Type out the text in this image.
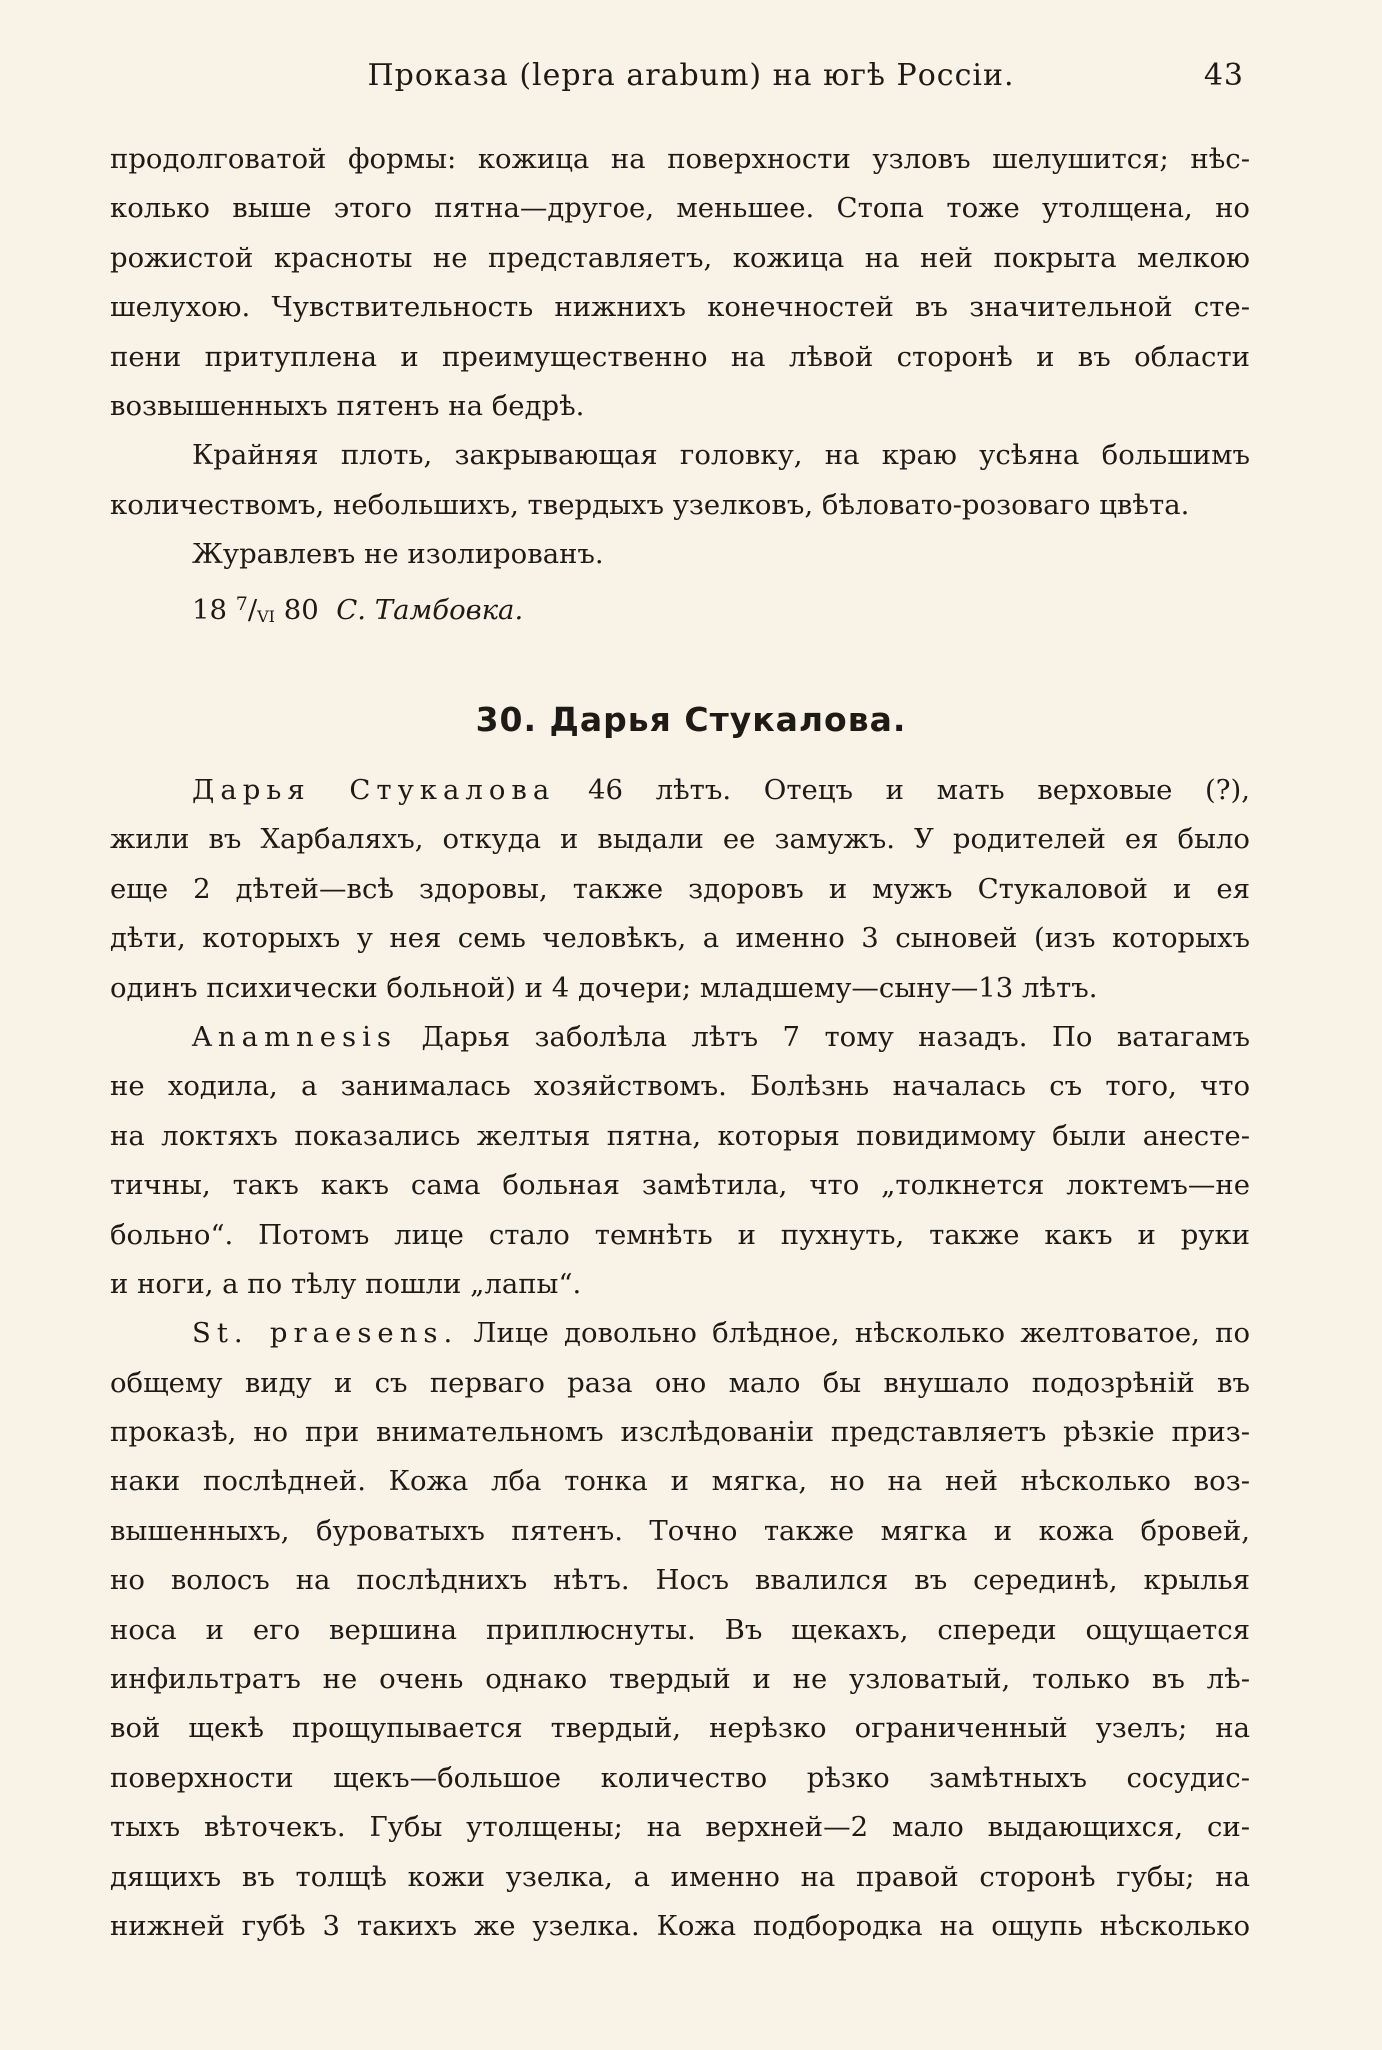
Проказа (lepra arabum) на югѣ Россіи.	43
продолговатой формы: кожица на поверхности узловъ шелушится; нѣс-
колько выше этого пятна—другое, меньшее. Стопа тоже утолщена, но
рожистой красноты не представляетъ, кожица на ней покрыта мелкою
шелухою. Чувствительность нижнихъ конечностей въ значительной сте-
пени притуплена и преимущественно на лѣвой сторонѣ и въ области
возвышенныхъ пятенъ на бедрѣ.
Крайняя плоть, закрывающая головку, на краю усѣяна большимъ
количествомъ, небольшихъ, твердыхъ узелковъ, бѣловато-розоваго цвѣта.
Журавлевъ не изолированъ.
18 $^7/_{VI}$ 80 С. Тамбовка.
30. Дарья Стукалова.
Дарья Стукалова 46 лѣтъ. Отецъ и мать верховые (?),
жили въ Харбаляхъ, откуда и выдали ее замужъ. У родителей ея было
еще 2 дѣтей—всѣ здоровы, также здоровъ и мужъ Стукаловой и ея
дѣти, которыхъ у нея семь человѣкъ, а именно 3 сыновей (изъ которыхъ
одинъ психически больной) и 4 дочери; младшему—сыну—13 лѣтъ.
Anamnesis Дарья заболѣла лѣтъ 7 тому назадъ. По ватагамъ
не ходила, а занималась хозяйствомъ. Болѣзнь началась съ того, что
на локтяхъ показались желтыя пятна, которыя повидимому были анесте-
тичны, такъ какъ сама больная замѣтила, что „толкнется локтемъ—не
больно“. Потомъ лице стало темнѣть и пухнуть, также какъ и руки
и ноги, а по тѣлу пошли „лапы“.
St. praesens. Лице довольно блѣдное, нѣсколько желтоватое, по
общему виду и съ перваго раза оно мало бы внушало подозрѣній въ
проказѣ, но при внимательномъ изслѣдованіи представляетъ рѣзкіе приз-
наки послѣдней. Кожа лба тонка и мягка, но на ней нѣсколько воз-
вышенныхъ, буроватыхъ пятенъ. Точно также мягка и кожа бровей,
но волосъ на послѣднихъ нѣтъ. Носъ ввалился въ серединѣ, крылья
носа и его вершина приплюснуты. Въ щекахъ, спереди ощущается
инфильтратъ не очень однако твердый и не узловатый, только въ лѣ-
вой щекѣ прощупывается твердый, нерѣзко ограниченный узелъ; на
поверхности щекъ—большое количество рѣзко замѣтныхъ сосудис-
тыхъ вѣточекъ. Губы утолщены; на верхней—2 мало выдающихся, си-
дящихъ въ толщѣ кожи узелка, а именно на правой сторонѣ губы; на
нижней губѣ 3 такихъ же узелка. Кожа подбородка на ощупь нѣсколько
